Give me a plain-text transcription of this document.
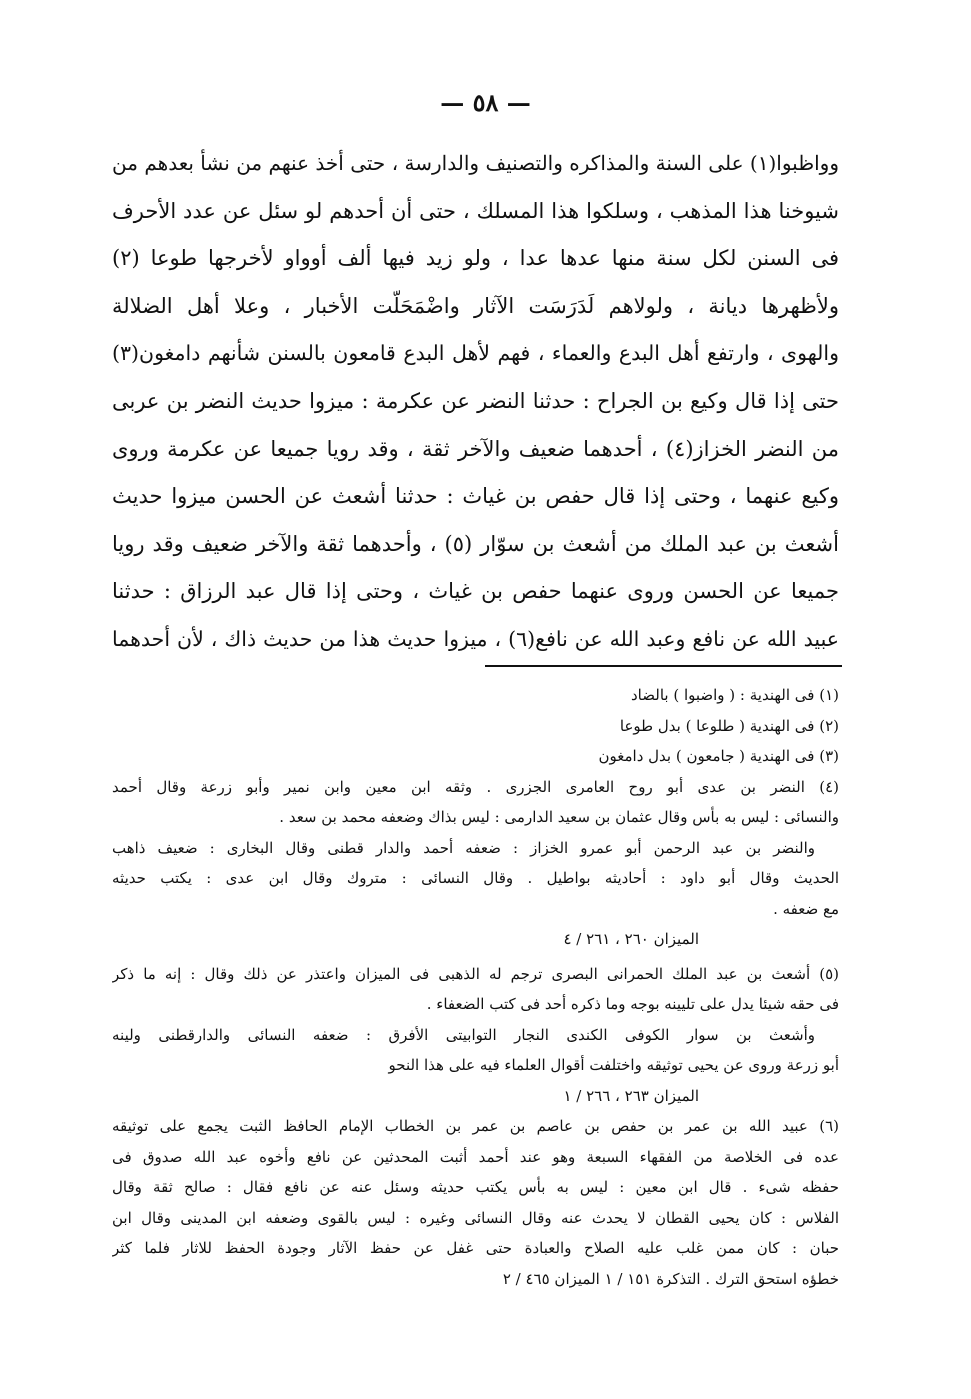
— ٥٨ —
وواظبوا(١) على السنة والمذاكره والتصنيف والدارسة ، حتى أخذ عنهم من نشأ بعدهم من
شيوخنا هذا المذهب ، وسلكوا هذا المسلك ، حتى أن أحدهم لو سئل عن عدد الأحرف
فى السنن لكل سنة منها عدها عدا ، ولو زيد فيها ألف أوواو لأخرجها طوعا (٢)
ولأظهرها ديانة ، ولولاهم لَدَرَسَت الآثار واضْمَحَلّت الأخبار ، وعلا أهل الضلالة
والهوى ، وارتفع أهل البدع والعماء ، فهم لأهل البدع قامعون بالسنن شأنهم دامغون(٣)
حتى إذا قال وكيع بن الجراح : حدثنا النضر عن عكرمة : ميزوا حديث النضر بن عربى
من النضر الخزاز(٤) ، أحدهما ضعيف والآخر ثقة ، وقد رويا جميعا عن عكرمة وروى
وكيع عنهما ، وحتى إذا قال حفص بن غياث : حدثنا أشعث عن الحسن ميزوا حديث
أشعث بن عبد الملك من أشعث بن سوّار (٥) ، وأحدهما ثقة والآخر ضعيف وقد رويا
جميعا عن الحسن وروى عنهما حفص بن غياث ، وحتى إذا قال عبد الرزاق : حدثنا
عبيد الله عن نافع وعبد الله عن نافع(٦) ، ميزوا حديث هذا من حديث ذاك ، لأن أحدهما
(١) فى الهندية : ( واضبوا ) بالضاد
(٢) فى الهندية ( طلوعا ) بدل طوعا
(٣) فى الهندية ( جامعون ) بدل دامغون
(٤) النضر بن عدى أبو روح العامرى الجزرى . وثقه ابن معين وابن نمير وأبو زرعة وقال أحمد
والنسائى : ليس به بأس وقال عثمان بن سعيد الدارمى : ليس بذاك وضعفه محمد بن سعد .
والنضر بن عبد الرحمن أبو عمرو الخزاز : ضعفه أحمد والدار قطنى وقال البخارى : ضعيف ذاهب
الحديث وقال أبو داود : أحاديثه بواطيل . وقال النسائى : متروك وقال ابن عدى : يكتب حديثه
مع ضعفه .
الميزان ٢٦٠ ، ٢٦١ / ٤
(٥) أشعث بن عبد الملك الحمرانى البصرى ترجم له الذهبى فى الميزان واعتذر عن ذلك وقال : إنه ما ذكر
فى حقه شيئا يدل على تليينه بوجه وما ذكره أحد فى كتب الضعفاء .
وأشعث بن سوار الكوفى الكندى النجار التوابيتى الأفرق : ضعفه النسائى والدارقطنى ولينه
أبو زرعة وروى عن يحيى توثيقه واختلفت أقوال العلماء فيه على هذا النحو
الميزان ٢٦٣ ، ٢٦٦ / ١
(٦) عبيد الله بن عمر بن حفص بن عاصم بن عمر بن الخطاب الإمام الحافظ الثبت يجمع على توثيقه
عده فى الخلاصة من الفقهاء السبعة وهو عند أحمد أثبت المحدثين عن نافع وأخوه عبد الله صدوق فى
حفظه شىء . قال ابن معين : ليس به بأس يكتب حديثه وسئل عنه عن نافع فقال : صالح ثقة وقال
الفلاس : كان يحيى القطان لا يحدث عنه وقال النسائى وغيره : ليس بالقوى وضعفه ابن المدينى وقال ابن
حبان : كان ممن غلب عليه الصلاح والعبادة حتى غفل عن حفظ الآثار وجودة الحفظ للاثار فلما كثر
خطؤه استحق الترك . التذكرة ١٥١ / ١ الميزان ٤٦٥ / ٢
